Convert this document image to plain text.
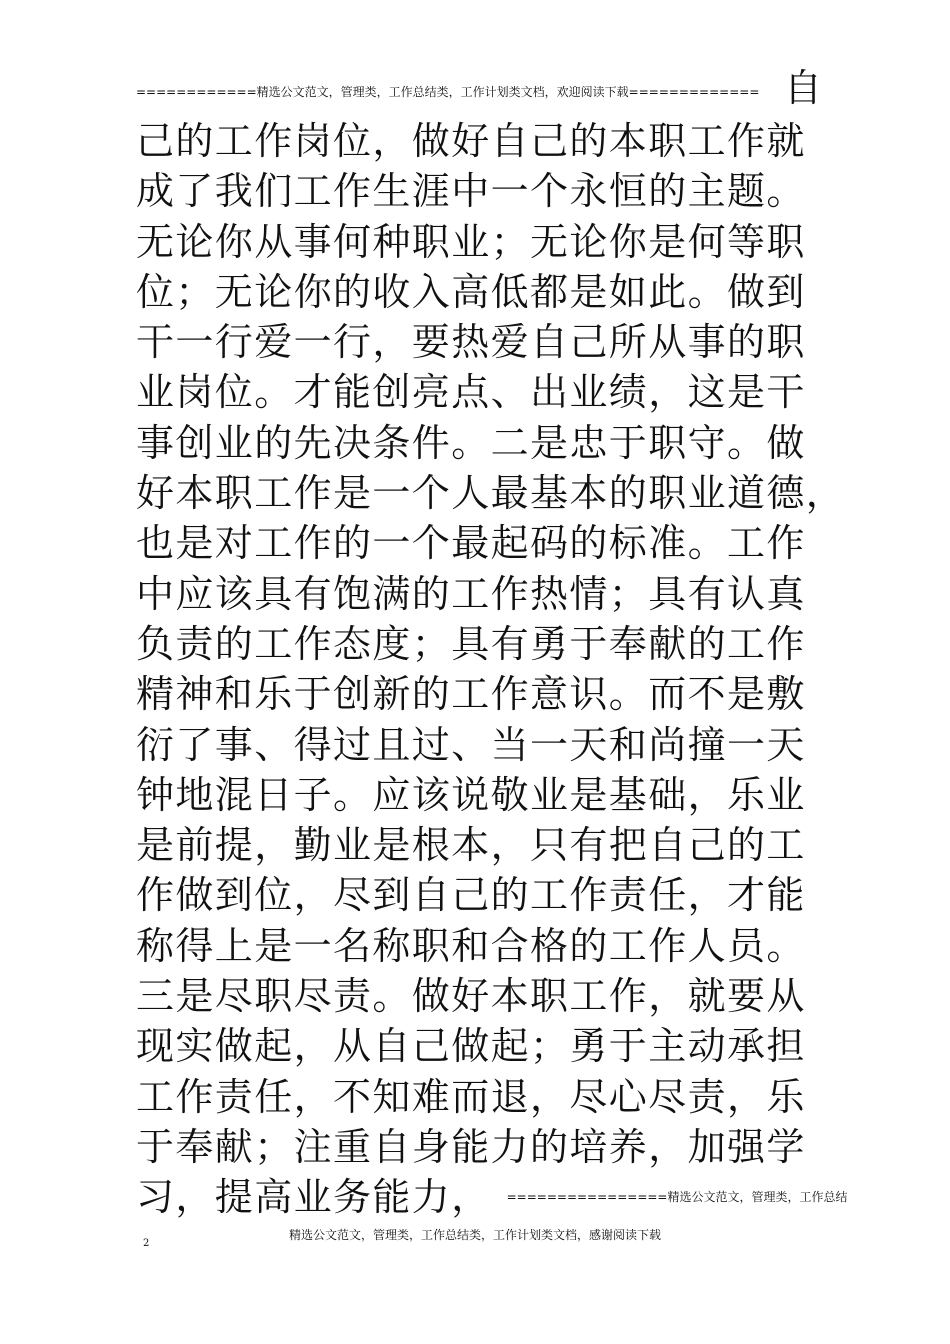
============精选公文范文，管理类，工作总结类，工作计划类文档，欢迎阅读下载============= 自
己的工作岗位，做好自己的本职工作就
成了我们工作生涯中一个永恒的主题。
无论你从事何种职业；无论你是何等职
位；无论你的收入高低都是如此。做到
干一行爱一行，要热爱自己所从事的职
业岗位。才能创亮点、出业绩，这是干
事创业的先决条件。二是忠于职守。做
好本职工作是一个人最基本的职业道德，
也是对工作的一个最起码的标准。工作
中应该具有饱满的工作热情；具有认真
负责的工作态度；具有勇于奉献的工作
精神和乐于创新的工作意识。而不是敷
衍了事、得过且过、当一天和尚撞一天
钟地混日子。应该说敬业是基础，乐业
是前提，勤业是根本，只有把自己的工
作做到位，尽到自己的工作责任，才能
称得上是一名称职和合格的工作人员。
三是尽职尽责。做好本职工作，就要从
现实做起，从自己做起；勇于主动承担
工作责任，不知难而退，尽心尽责，乐
于奉献；注重自身能力的培养，加强学
习，提高业务能力， ================精选公文范文，管理类，工作总结
精选公文范文，管理类，工作总结类，工作计划类文档，感谢阅读下载
2
